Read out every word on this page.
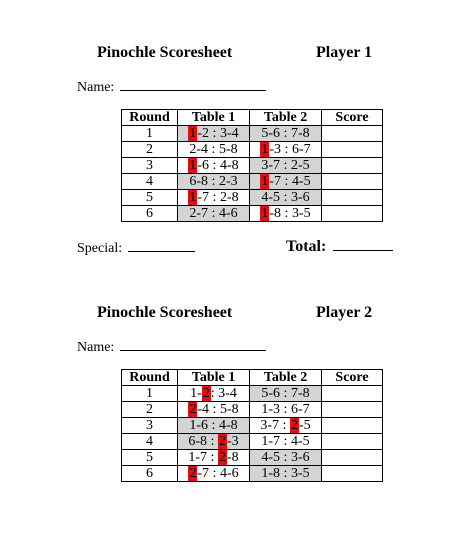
Pinochle Scoresheet	Player 1
Name:
Round	Table 1	Table 2	Score
1	1-2 : 3-4	5-6 : 7-8	
2	2-4 : 5-8	1-3 : 6-7	
3	1-6 : 4-8	3-7 : 2-5	
4	6-8 : 2-3	1-7 : 4-5	
5	1-7 : 2-8	4-5 : 3-6	
6	2-7 : 4-6	1-8 : 3-5	
Special:	Total:
Pinochle Scoresheet	Player 2
Name:
Round	Table 1	Table 2	Score
1	1-2: 3-4	5-6 : 7-8	
2	2-4 : 5-8	1-3 : 6-7	
3	1-6 : 4-8	3-7 : 2-5	
4	6-8 : 2-3	1-7 : 4-5	
5	1-7 : 2-8	4-5 : 3-6	
6	2-7 : 4-6	1-8 : 3-5	
